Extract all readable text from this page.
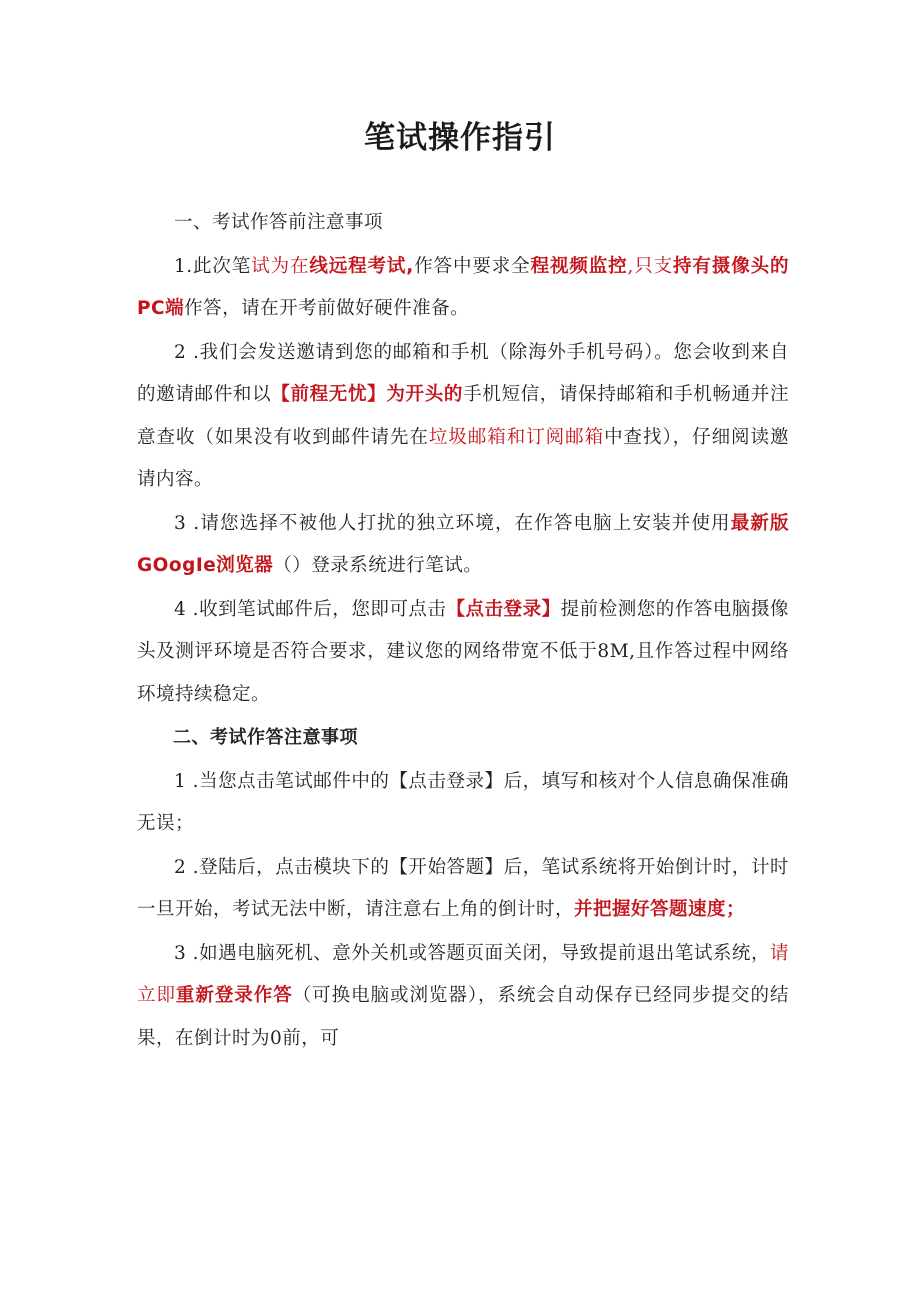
笔试操作指引

一、考试作答前注意事项

1.此次笔试为在线远程考试,作答中要求全程视频监控,只支持有摄像头的PC端作答，请在开考前做好硬件准备。

2 .我们会发送邀请到您的邮箱和手机（除海外手机号码）。您会收到来自的邀请邮件和以【前程无忧】为开头的手机短信，请保持邮箱和手机畅通并注意查收（如果没有收到邮件请先在垃圾邮箱和订阅邮箱中查找），仔细阅读邀请内容。

3 .请您选择不被他人打扰的独立环境，在作答电脑上安装并使用最新版GOogIe浏览器（）登录系统进行笔试。

4 .收到笔试邮件后，您即可点击【点击登录】提前检测您的作答电脑摄像头及测评环境是否符合要求，建议您的网络带宽不低于8M,且作答过程中网络环境持续稳定。

二、考试作答注意事项

1 .当您点击笔试邮件中的【点击登录】后，填写和核对个人信息确保准确无误；

2 .登陆后，点击模块下的【开始答题】后，笔试系统将开始倒计时，计时一旦开始，考试无法中断，请注意右上角的倒计时，并把握好答题速度；

3 .如遇电脑死机、意外关机或答题页面关闭，导致提前退出笔试系统，请立即重新登录作答（可换电脑或浏览器），系统会自动保存已经同步提交的结果，在倒计时为0前，可
